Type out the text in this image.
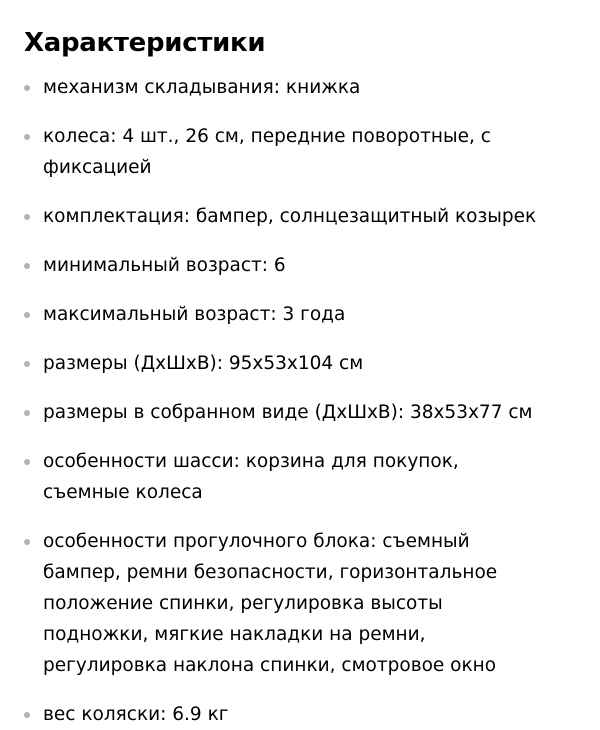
Характеристики
механизм складывания: книжка
колеса: 4 шт., 26 см, передние поворотные, с
фиксацией
комплектация: бампер, солнцезащитный козырек
минимальный возраст: 6
максимальный возраст: 3 года
размеры (ДхШхВ): 95x53x104 см
размеры в собранном виде (ДхШхВ): 38x53x77 см
особенности шасси: корзина для покупок,
съемные колеса
особенности прогулочного блока: съемный
бампер, ремни безопасности, горизонтальное
положение спинки, регулировка высоты
подножки, мягкие накладки на ремни,
регулировка наклона спинки, смотровое окно
вес коляски: 6.9 кг
